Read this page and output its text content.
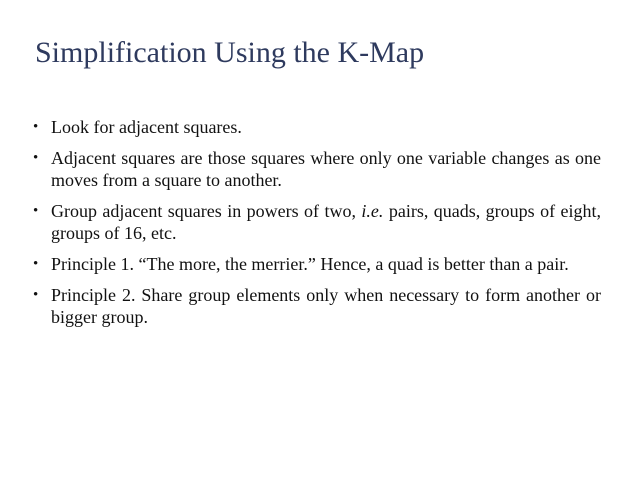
Simplification Using the K-Map
• Look for adjacent squares.
• Adjacent squares are those squares where only one variable changes as one moves from a square to another.
• Group adjacent squares in powers of two, i.e. pairs, quads, groups of eight, groups of 16, etc.
• Principle 1. “The more, the merrier.” Hence, a quad is better than a pair.
• Principle 2. Share group elements only when necessary to form another or bigger group.
